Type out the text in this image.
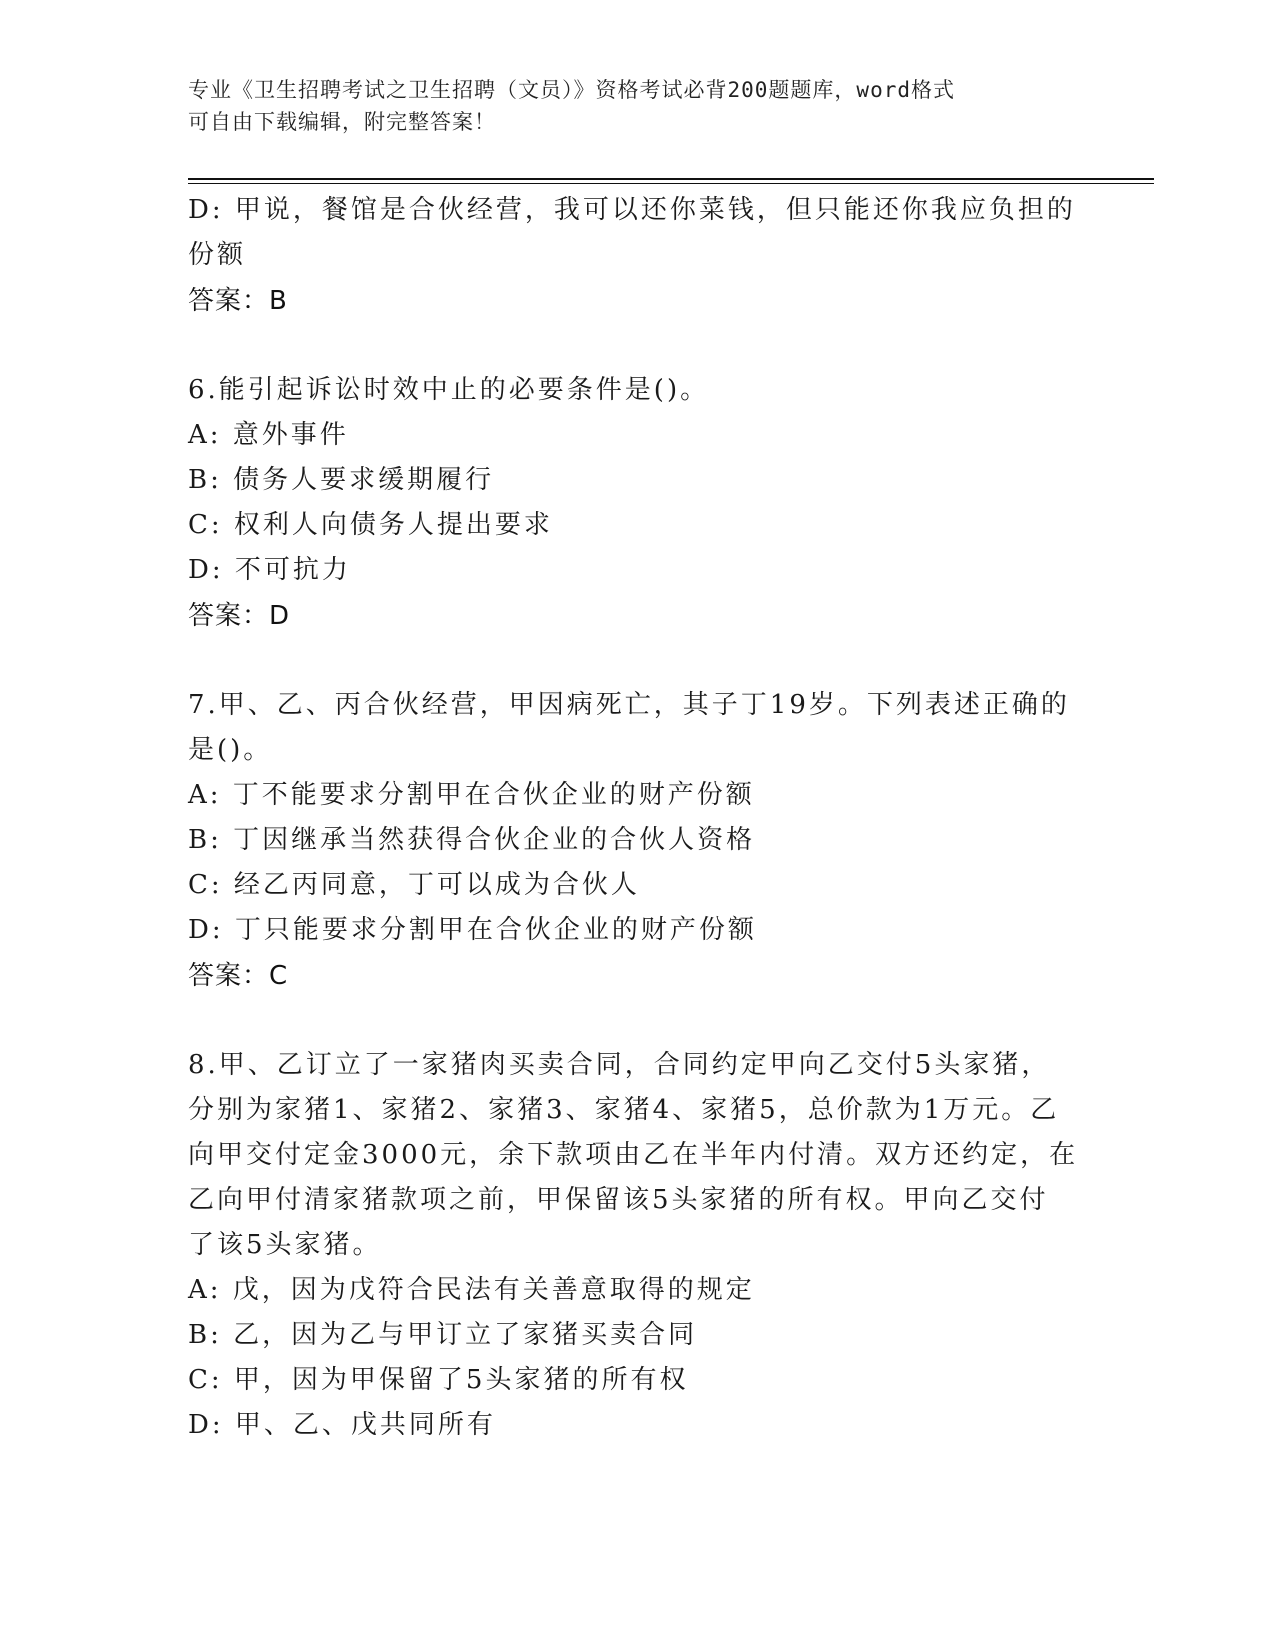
专业《卫生招聘考试之卫生招聘（文员）》资格考试必背200题题库，word格式
可自由下载编辑，附完整答案！
D: 甲说，餐馆是合伙经营，我可以还你菜钱，但只能还你我应负担的
份额
答案：B
6.能引起诉讼时效中止的必要条件是()。
A: 意外事件
B: 债务人要求缓期履行
C: 权利人向债务人提出要求
D: 不可抗力
答案：D
7.甲、乙、丙合伙经营，甲因病死亡，其子丁19岁。下列表述正确的
是()。
A: 丁不能要求分割甲在合伙企业的财产份额
B: 丁因继承当然获得合伙企业的合伙人资格
C: 经乙丙同意，丁可以成为合伙人
D: 丁只能要求分割甲在合伙企业的财产份额
答案：C
8.甲、乙订立了一家猪肉买卖合同，合同约定甲向乙交付5头家猪，
分别为家猪1、家猪2、家猪3、家猪4、家猪5，总价款为1万元。乙
向甲交付定金3000元，余下款项由乙在半年内付清。双方还约定，在
乙向甲付清家猪款项之前，甲保留该5头家猪的所有权。甲向乙交付
了该5头家猪。
A: 戊，因为戊符合民法有关善意取得的规定
B: 乙，因为乙与甲订立了家猪买卖合同
C: 甲，因为甲保留了5头家猪的所有权
D: 甲、乙、戊共同所有
